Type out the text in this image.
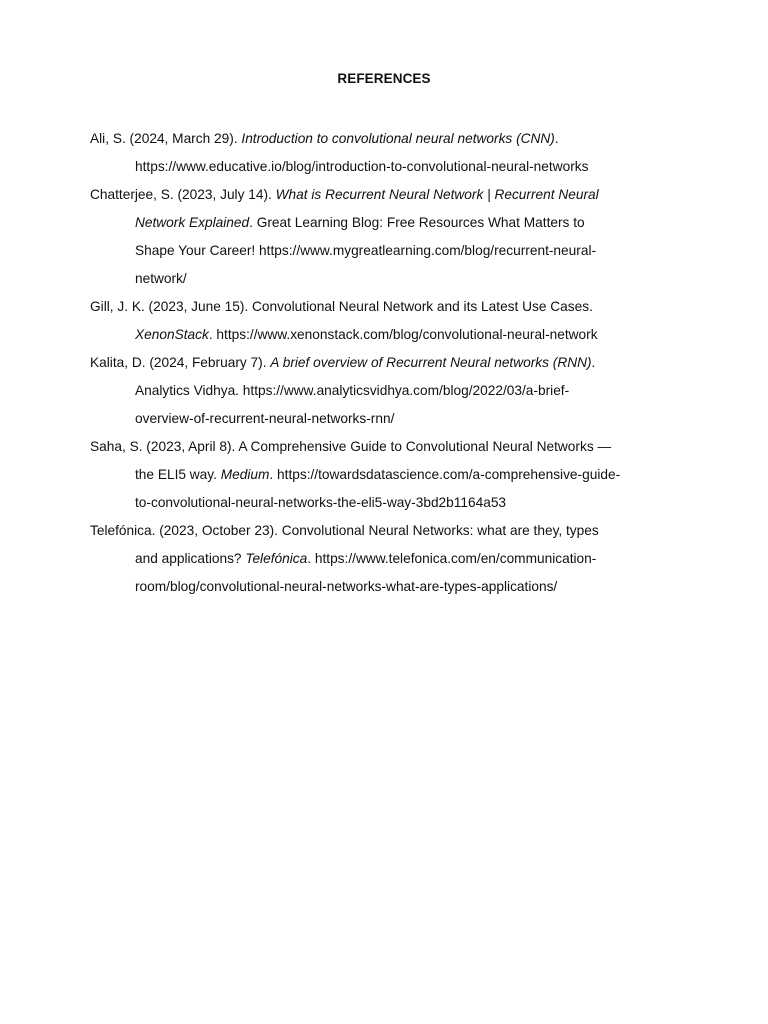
REFERENCES
Ali, S. (2024, March 29). Introduction to convolutional neural networks (CNN).
https://www.educative.io/blog/introduction-to-convolutional-neural-networks
Chatterjee, S. (2023, July 14). What is Recurrent Neural Network | Recurrent Neural
Network Explained. Great Learning Blog: Free Resources What Matters to
Shape Your Career! https://www.mygreatlearning.com/blog/recurrent-neural-
network/
Gill, J. K. (2023, June 15). Convolutional Neural Network and its Latest Use Cases.
XenonStack. https://www.xenonstack.com/blog/convolutional-neural-network
Kalita, D. (2024, February 7). A brief overview of Recurrent Neural networks (RNN).
Analytics Vidhya. https://www.analyticsvidhya.com/blog/2022/03/a-brief-
overview-of-recurrent-neural-networks-rnn/
Saha, S. (2023, April 8). A Comprehensive Guide to Convolutional Neural Networks —
the ELI5 way. Medium. https://towardsdatascience.com/a-comprehensive-guide-
to-convolutional-neural-networks-the-eli5-way-3bd2b1164a53
Telefónica. (2023, October 23). Convolutional Neural Networks: what are they, types
and applications? Telefónica. https://www.telefonica.com/en/communication-
room/blog/convolutional-neural-networks-what-are-types-applications/
